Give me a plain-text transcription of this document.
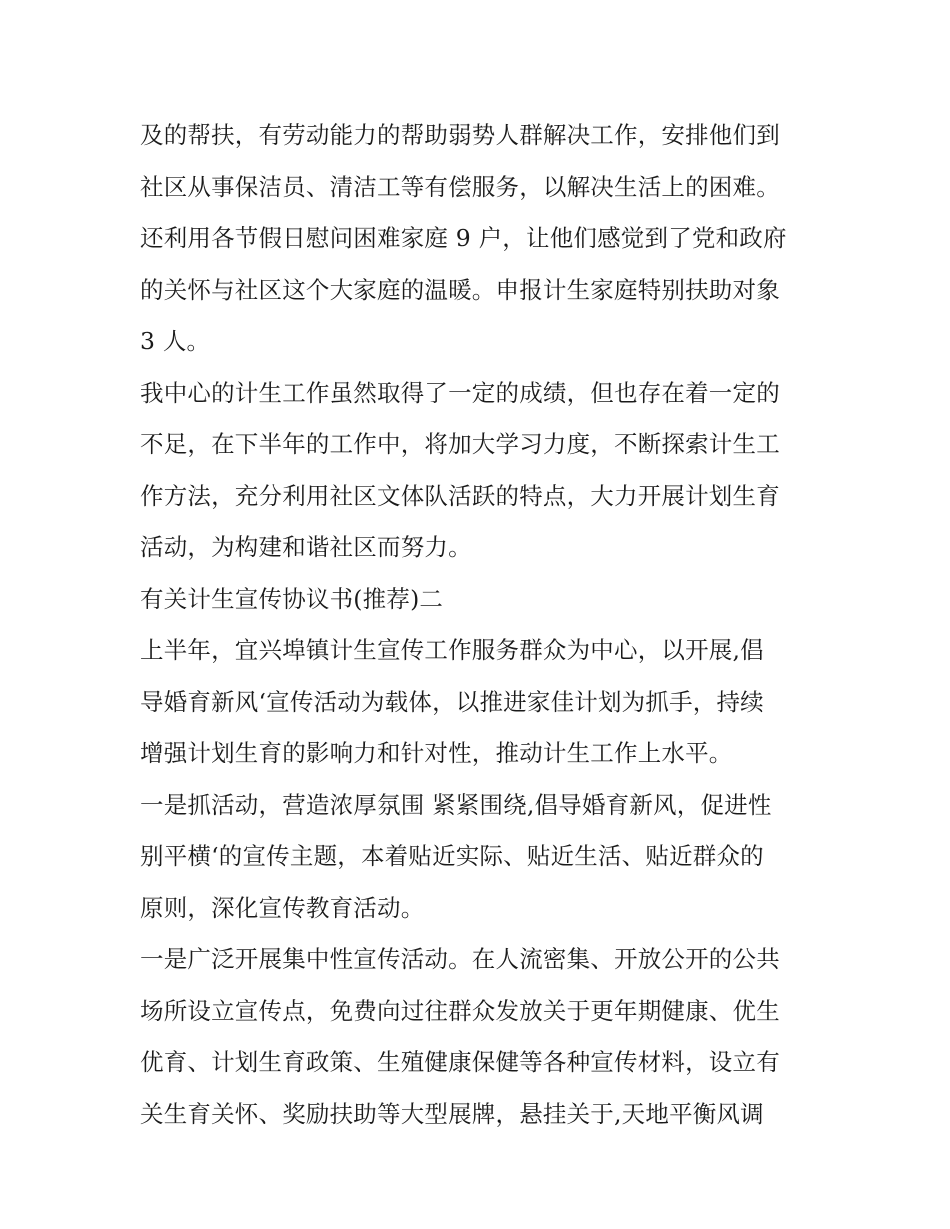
及的帮扶，有劳动能力的帮助弱势人群解决工作，安排他们到
社区从事保洁员、清洁工等有偿服务，以解决生活上的困难。
还利用各节假日慰问困难家庭 9 户，让他们感觉到了党和政府
的关怀与社区这个大家庭的温暖。申报计生家庭特别扶助对象
3 人。
我中心的计生工作虽然取得了一定的成绩，但也存在着一定的
不足，在下半年的工作中，将加大学习力度，不断探索计生工
作方法，充分利用社区文体队活跃的特点，大力开展计划生育
活动，为构建和谐社区而努力。
有关计生宣传协议书(推荐)二
上半年，宜兴埠镇计生宣传工作服务群众为中心，以开展,倡
导婚育新风‘宣传活动为载体，以推进家佳计划为抓手，持续
增强计划生育的影响力和针对性，推动计生工作上水平。
一是抓活动，营造浓厚氛围 紧紧围绕,倡导婚育新风，促进性
别平横‘的宣传主题，本着贴近实际、贴近生活、贴近群众的
原则，深化宣传教育活动。
一是广泛开展集中性宣传活动。在人流密集、开放公开的公共
场所设立宣传点，免费向过往群众发放关于更年期健康、优生
优育、计划生育政策、生殖健康保健等各种宣传材料，设立有
关生育关怀、奖励扶助等大型展牌，悬挂关于,天地平衡风调
